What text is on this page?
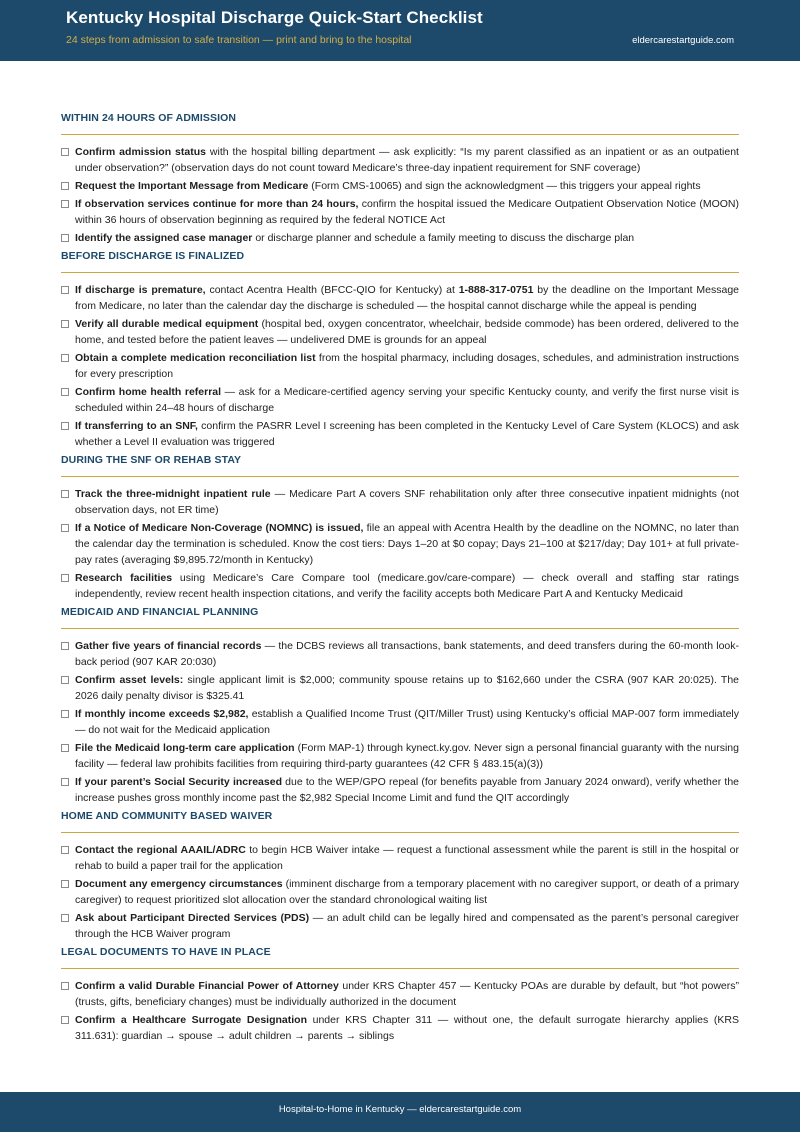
Kentucky Hospital Discharge Quick-Start Checklist
24 steps from admission to safe transition — print and bring to the hospital	eldercarestartguide.com
WITHIN 24 HOURS OF ADMISSION
Confirm admission status with the hospital billing department — ask explicitly: “Is my parent classified as an inpatient or as an outpatient under observation?” (observation days do not count toward Medicare’s three-day inpatient requirement for SNF coverage)
Request the Important Message from Medicare (Form CMS-10065) and sign the acknowledgment — this triggers your appeal rights
If observation services continue for more than 24 hours, confirm the hospital issued the Medicare Outpatient Observation Notice (MOON) within 36 hours of observation beginning as required by the federal NOTICE Act
Identify the assigned case manager or discharge planner and schedule a family meeting to discuss the discharge plan
BEFORE DISCHARGE IS FINALIZED
If discharge is premature, contact Acentra Health (BFCC-QIO for Kentucky) at 1-888-317-0751 by the deadline on the Important Message from Medicare, no later than the calendar day the discharge is scheduled — the hospital cannot discharge while the appeal is pending
Verify all durable medical equipment (hospital bed, oxygen concentrator, wheelchair, bedside commode) has been ordered, delivered to the home, and tested before the patient leaves — undelivered DME is grounds for an appeal
Obtain a complete medication reconciliation list from the hospital pharmacy, including dosages, schedules, and administration instructions for every prescription
Confirm home health referral — ask for a Medicare-certified agency serving your specific Kentucky county, and verify the first nurse visit is scheduled within 24–48 hours of discharge
If transferring to an SNF, confirm the PASRR Level I screening has been completed in the Kentucky Level of Care System (KLOCS) and ask whether a Level II evaluation was triggered
DURING THE SNF OR REHAB STAY
Track the three-midnight inpatient rule — Medicare Part A covers SNF rehabilitation only after three consecutive inpatient midnights (not observation days, not ER time)
If a Notice of Medicare Non-Coverage (NOMNC) is issued, file an appeal with Acentra Health by the deadline on the NOMNC, no later than the calendar day the termination is scheduled. Know the cost tiers: Days 1–20 at $0 copay; Days 21–100 at $217/day; Day 101+ at full private-pay rates (averaging $9,895.72/month in Kentucky)
Research facilities using Medicare’s Care Compare tool (medicare.gov/care-compare) — check overall and staffing star ratings independently, review recent health inspection citations, and verify the facility accepts both Medicare Part A and Kentucky Medicaid
MEDICAID AND FINANCIAL PLANNING
Gather five years of financial records — the DCBS reviews all transactions, bank statements, and deed transfers during the 60-month look-back period (907 KAR 20:030)
Confirm asset levels: single applicant limit is $2,000; community spouse retains up to $162,660 under the CSRA (907 KAR 20:025). The 2026 daily penalty divisor is $325.41
If monthly income exceeds $2,982, establish a Qualified Income Trust (QIT/Miller Trust) using Kentucky’s official MAP-007 form immediately — do not wait for the Medicaid application
File the Medicaid long-term care application (Form MAP-1) through kynect.ky.gov. Never sign a personal financial guaranty with the nursing facility — federal law prohibits facilities from requiring third-party guarantees (42 CFR § 483.15(a)(3))
If your parent’s Social Security increased due to the WEP/GPO repeal (for benefits payable from January 2024 onward), verify whether the increase pushes gross monthly income past the $2,982 Special Income Limit and fund the QIT accordingly
HOME AND COMMUNITY BASED WAIVER
Contact the regional AAAIL/ADRC to begin HCB Waiver intake — request a functional assessment while the parent is still in the hospital or rehab to build a paper trail for the application
Document any emergency circumstances (imminent discharge from a temporary placement with no caregiver support, or death of a primary caregiver) to request prioritized slot allocation over the standard chronological waiting list
Ask about Participant Directed Services (PDS) — an adult child can be legally hired and compensated as the parent’s personal caregiver through the HCB Waiver program
LEGAL DOCUMENTS TO HAVE IN PLACE
Confirm a valid Durable Financial Power of Attorney under KRS Chapter 457 — Kentucky POAs are durable by default, but “hot powers” (trusts, gifts, beneficiary changes) must be individually authorized in the document
Confirm a Healthcare Surrogate Designation under KRS Chapter 311 — without one, the default surrogate hierarchy applies (KRS 311.631): guardian → spouse → adult children → parents → siblings
Hospital-to-Home in Kentucky — eldercarestartguide.com
